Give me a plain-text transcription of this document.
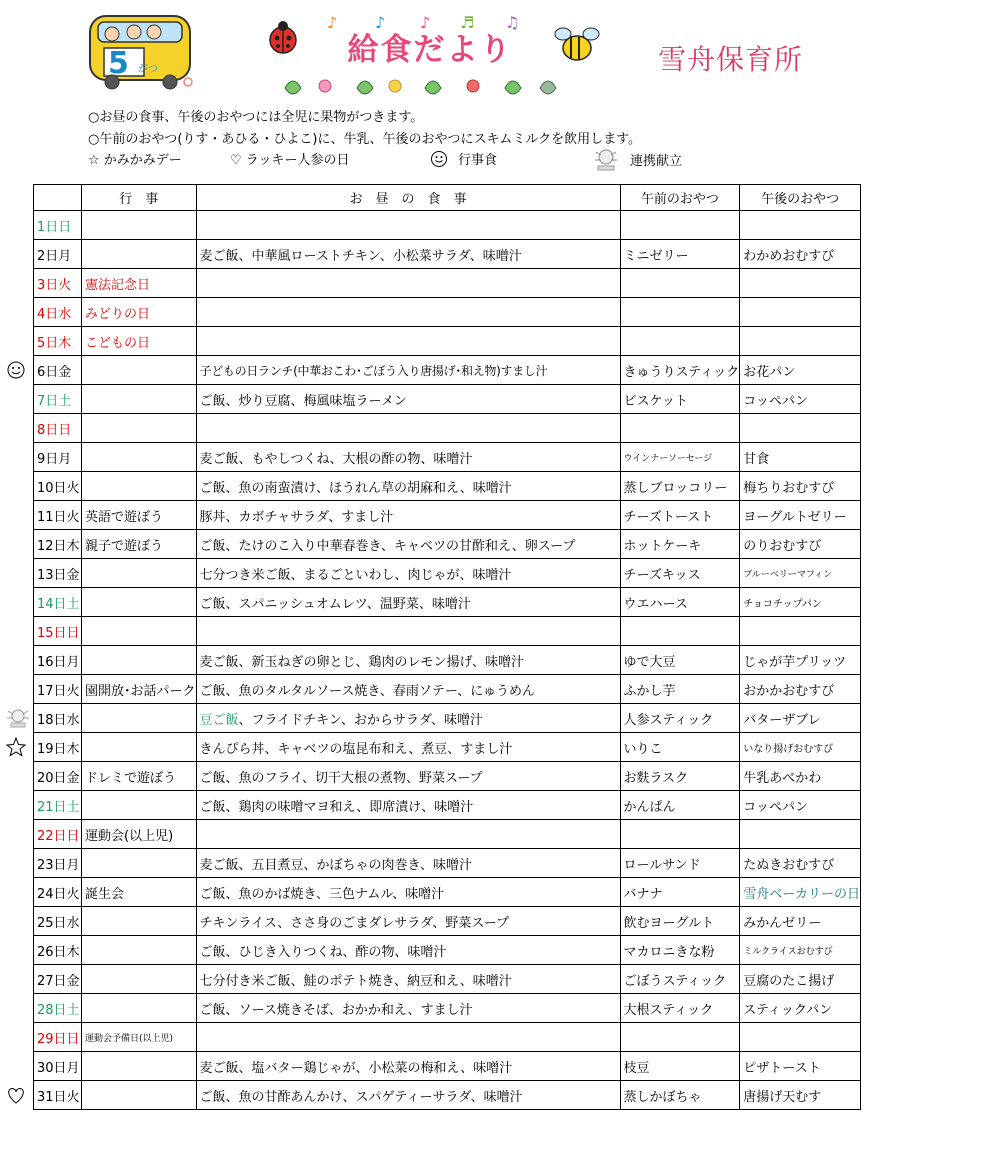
5 がつ
♪ ♪ ♪ ♬ ♫
給食だより	雪舟保育所
○お昼の食事、午後のおやつには全児に果物がつきます。
○午前のおやつ(りす・あひる・ひよこ)に、牛乳、午後のおやつにスキムミルクを飲用します。
☆ かみかみデー	♡ ラッキー人参の日	行事食	連携献立
	行　事	お　昼　の　食　事	午前のおやつ	午後のおやつ
1日日				
2日月		麦ご飯、中華風ローストチキン、小松菜サラダ、味噌汁	ミニゼリー	わかめおむすび
3日火	憲法記念日			
4日水	みどりの日			
5日木	こどもの日			
6日金		子どもの日ランチ(中華おこわ･ごぼう入り唐揚げ･和え物)すまし汁	きゅうりスティック	お花パン
7日土		ご飯、炒り豆腐、梅風味塩ラーメン	ビスケット	コッペパン
8日日				
9日月		麦ご飯、もやしつくね、大根の酢の物、味噌汁	ウインナーソーセージ	甘食
10日火		ご飯、魚の南蛮漬け、ほうれん草の胡麻和え、味噌汁	蒸しブロッコリー	梅ちりおむすび
11日火	英語で遊ぼう	豚丼、カボチャサラダ、すまし汁	チーズトースト	ヨーグルトゼリー
12日木	親子で遊ぼう	ご飯、たけのこ入り中華春巻き、キャベツの甘酢和え、卵スープ	ホットケーキ	のりおむすび
13日金		七分つき米ご飯、まるごといわし、肉じゃが、味噌汁	チーズキッス	ブルーベリーマフィン
14日土		ご飯、スパニッシュオムレツ、温野菜、味噌汁	ウエハース	チョコチップパン
15日日				
16日月		麦ご飯、新玉ねぎの卵とじ、鶏肉のレモン揚げ、味噌汁	ゆで大豆	じゃが芋プリッツ
17日火	園開放･お話パーク	ご飯、魚のタルタルソース焼き、春雨ソテー、にゅうめん	ふかし芋	おかかおむすび
18日水		豆ご飯、フライドチキン、おからサラダ、味噌汁	人参スティック	バターザブレ
19日木		きんぴら丼、キャベツの塩昆布和え、煮豆、すまし汁	いりこ	いなり揚げおむすび
20日金	ドレミで遊ぼう	ご飯、魚のフライ、切干大根の煮物、野菜スープ	お麩ラスク	牛乳あべかわ
21日土		ご飯、鶏肉の味噌マヨ和え、即席漬け、味噌汁	かんぱん	コッペパン
22日日	運動会(以上児)			
23日月		麦ご飯、五目煮豆、かぼちゃの肉巻き、味噌汁	ロールサンド	たぬきおむすび
24日火	誕生会	ご飯、魚のかば焼き、三色ナムル、味噌汁	バナナ	雪舟ベーカリーの日
25日水		チキンライス、ささ身のごまダレサラダ、野菜スープ	飲むヨーグルト	みかんゼリー
26日木		ご飯、ひじき入りつくね、酢の物、味噌汁	マカロニきな粉	ミルクライスおむすび
27日金		七分付き米ご飯、鮭のポテト焼き、納豆和え、味噌汁	ごぼうスティック	豆腐のたこ揚げ
28日土		ご飯、ソース焼きそば、おかか和え、すまし汁	大根スティック	スティックパン
29日日	運動会予備日(以上児)			
30日月		麦ご飯、塩バター鶏じゃが、小松菜の梅和え、味噌汁	枝豆	ピザトースト
31日火		ご飯、魚の甘酢あんかけ、スパゲティーサラダ、味噌汁	蒸しかぼちゃ	唐揚げ天むす
